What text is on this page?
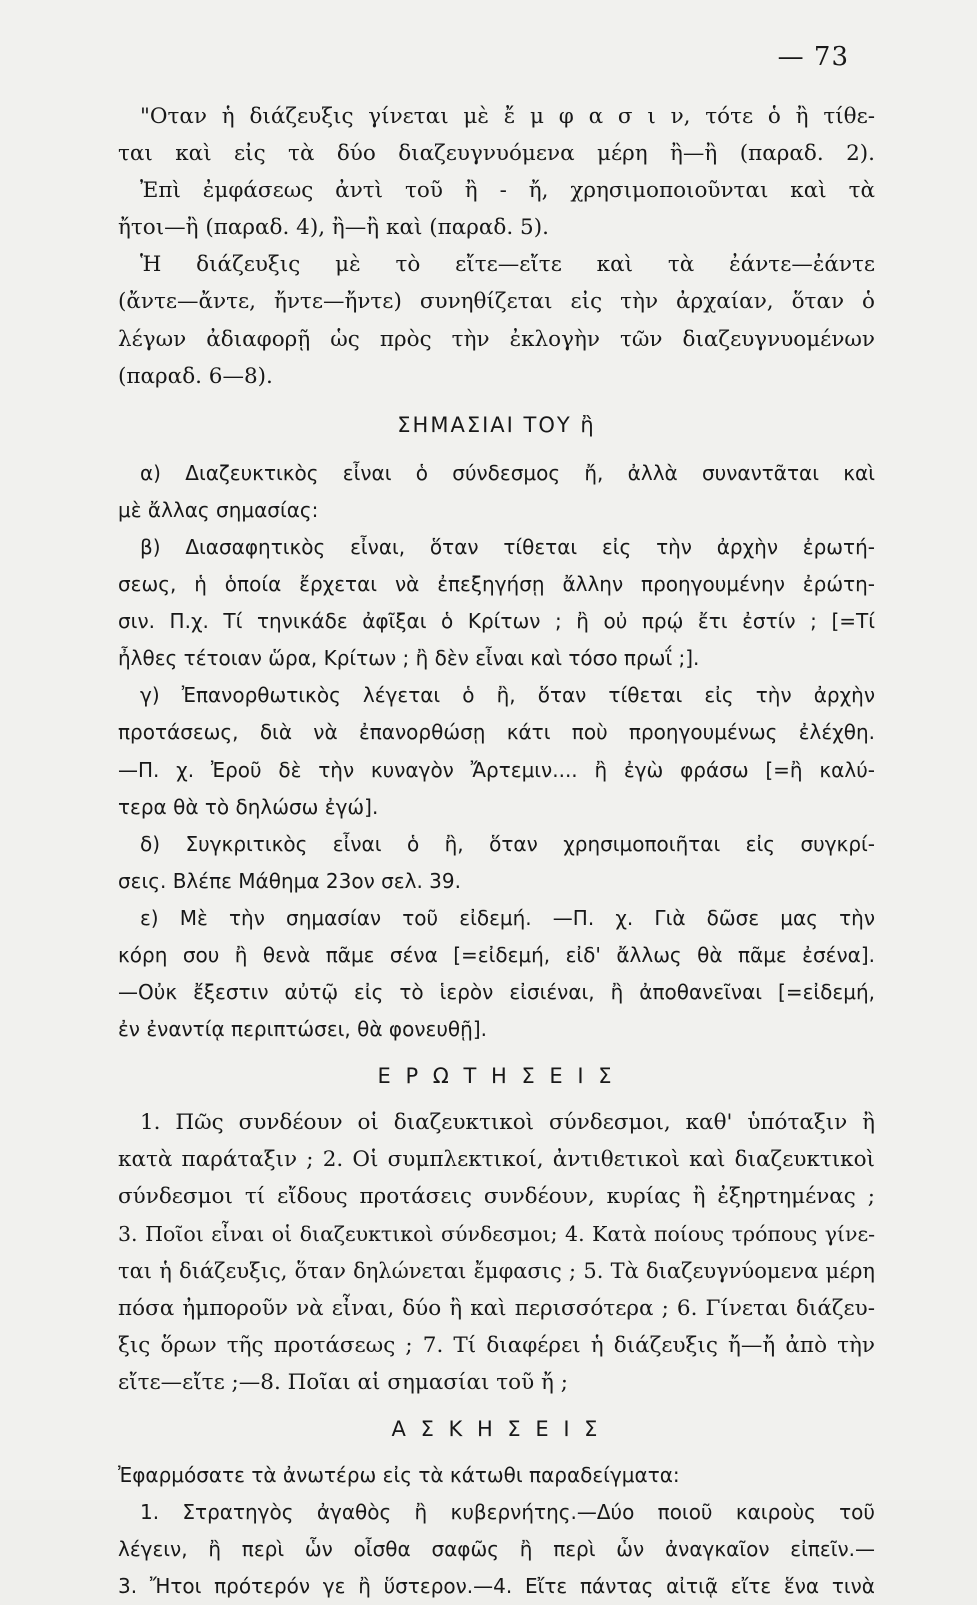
— 73
"Οταν ἡ διάζευξις γίνεται μὲ ἔ μ φ α σ ι ν, τότε ὁ ἢ τίθε-
ται καὶ εἰς τὰ δύο διαζευγνυόμενα μέρη ἢ—ἢ (παραδ. 2).
Ἐπὶ ἐμφάσεως ἀντὶ τοῦ ἢ - ἤ, χρησιμοποιοῦνται καὶ τὰ
ἤτοι—ἢ (παραδ. 4), ἢ—ἢ καὶ (παραδ. 5).
Ἡ διάζευξις μὲ τὸ εἴτε—εἴτε καὶ τὰ ἐάντε—ἐάντε
(ἄντε—ἄντε, ἤντε—ἤντε) συνηθίζεται εἰς τὴν ἀρχαίαν, ὅταν ὁ
λέγων ἀδιαφορῇ ὡς πρὸς τὴν ἐκλογὴν τῶν διαζευγνυομένων
(παραδ. 6—8).
ΣΗΜΑΣΙΑΙ ΤΟΥ ἢ
α) Διαζευκτικὸς εἶναι ὁ σύνδεσμος ἤ, ἀλλὰ συναντᾶται καὶ
μὲ ἄλλας σημασίας:
β) Διασαφητικὸς εἶναι, ὅταν τίθεται εἰς τὴν ἀρχὴν ἐρωτή-
σεως, ἡ ὁποία ἔρχεται νὰ ἐπεξηγήσῃ ἄλλην προηγουμένην ἐρώτη-
σιν. Π.χ. Τί τηνικάδε ἀφῖξαι ὁ Κρίτων ; ἢ οὐ πρῴ ἔτι ἐστίν ; [=Τί
ἦλθες τέτοιαν ὥρα, Κρίτων ; ἢ δὲν εἶναι καὶ τόσο πρωΐ ;].
γ) Ἐπανορθωτικὸς λέγεται ὁ ἢ, ὅταν τίθεται εἰς τὴν ἀρχὴν
προτάσεως, διὰ νὰ ἐπανορθώσῃ κάτι ποὺ προηγουμένως ἐλέχθη.
—Π. χ. Ἐροῦ δὲ τὴν κυναγὸν Ἄρτεμιν.... ἢ ἐγὼ φράσω [=ἢ καλύ-
τερα θὰ τὸ δηλώσω ἐγώ].
δ) Συγκριτικὸς εἶναι ὁ ἢ, ὅταν χρησιμοποιῆται εἰς συγκρί-
σεις. Βλέπε Μάθημα 23ον σελ. 39.
ε) Μὲ τὴν σημασίαν τοῦ εἰδεμή. —Π. χ. Γιὰ δῶσε μας τὴν
κόρη σου ἢ θενὰ πᾶμε σένα [=εἰδεμή, εἰδ' ἄλλως θὰ πᾶμε ἐσένα].
—Οὐκ ἔξεστιν αὐτῷ εἰς τὸ ἱερὸν εἰσιέναι, ἢ ἀποθανεῖναι [=εἰδεμή,
ἐν ἐναντίᾳ περιπτώσει, θὰ φονευθῇ].
Ε Ρ Ω Τ Η Σ Ε Ι Σ
1. Πῶς συνδέουν οἱ διαζευκτικοὶ σύνδεσμοι, καθ' ὑπόταξιν ἢ
κατὰ παράταξιν ; 2. Οἱ συμπλεκτικοί, ἀντιθετικοὶ καὶ διαζευκτικοὶ
σύνδεσμοι τί εἴδους προτάσεις συνδέουν, κυρίας ἢ ἐξηρτημένας ;
3. Ποῖοι εἶναι οἱ διαζευκτικοὶ σύνδεσμοι; 4. Κατὰ ποίους τρόπους γίνε-
ται ἡ διάζευξις, ὅταν δηλώνεται ἔμφασις ; 5. Τὰ διαζευγνύομενα μέρη
πόσα ἠμποροῦν νὰ εἶναι, δύο ἢ καὶ περισσότερα ; 6. Γίνεται διάζευ-
ξις ὅρων τῆς προτάσεως ; 7. Τί διαφέρει ἡ διάζευξις ἤ—ἤ ἀπὸ τὴν
εἴτε—εἴτε ;—8. Ποῖαι αἱ σημασίαι τοῦ ἤ ;
Α Σ Κ Η Σ Ε Ι Σ
Ἐφαρμόσατε τὰ ἀνωτέρω εἰς τὰ κάτωθι παραδείγματα:
1. Στρατηγὸς ἀγαθὸς ἢ κυβερνήτης.—Δύο ποιοῦ καιροὺς τοῦ
λέγειν, ἢ περὶ ὧν οἶσθα σαφῶς ἢ περὶ ὧν ἀναγκαῖον εἰπεῖν.—
3. Ἤτοι πρότερόν γε ἢ ὕστερον.—4. Εἴτε πάντας αἰτιᾷ εἴτε ἕνα τινὰ
